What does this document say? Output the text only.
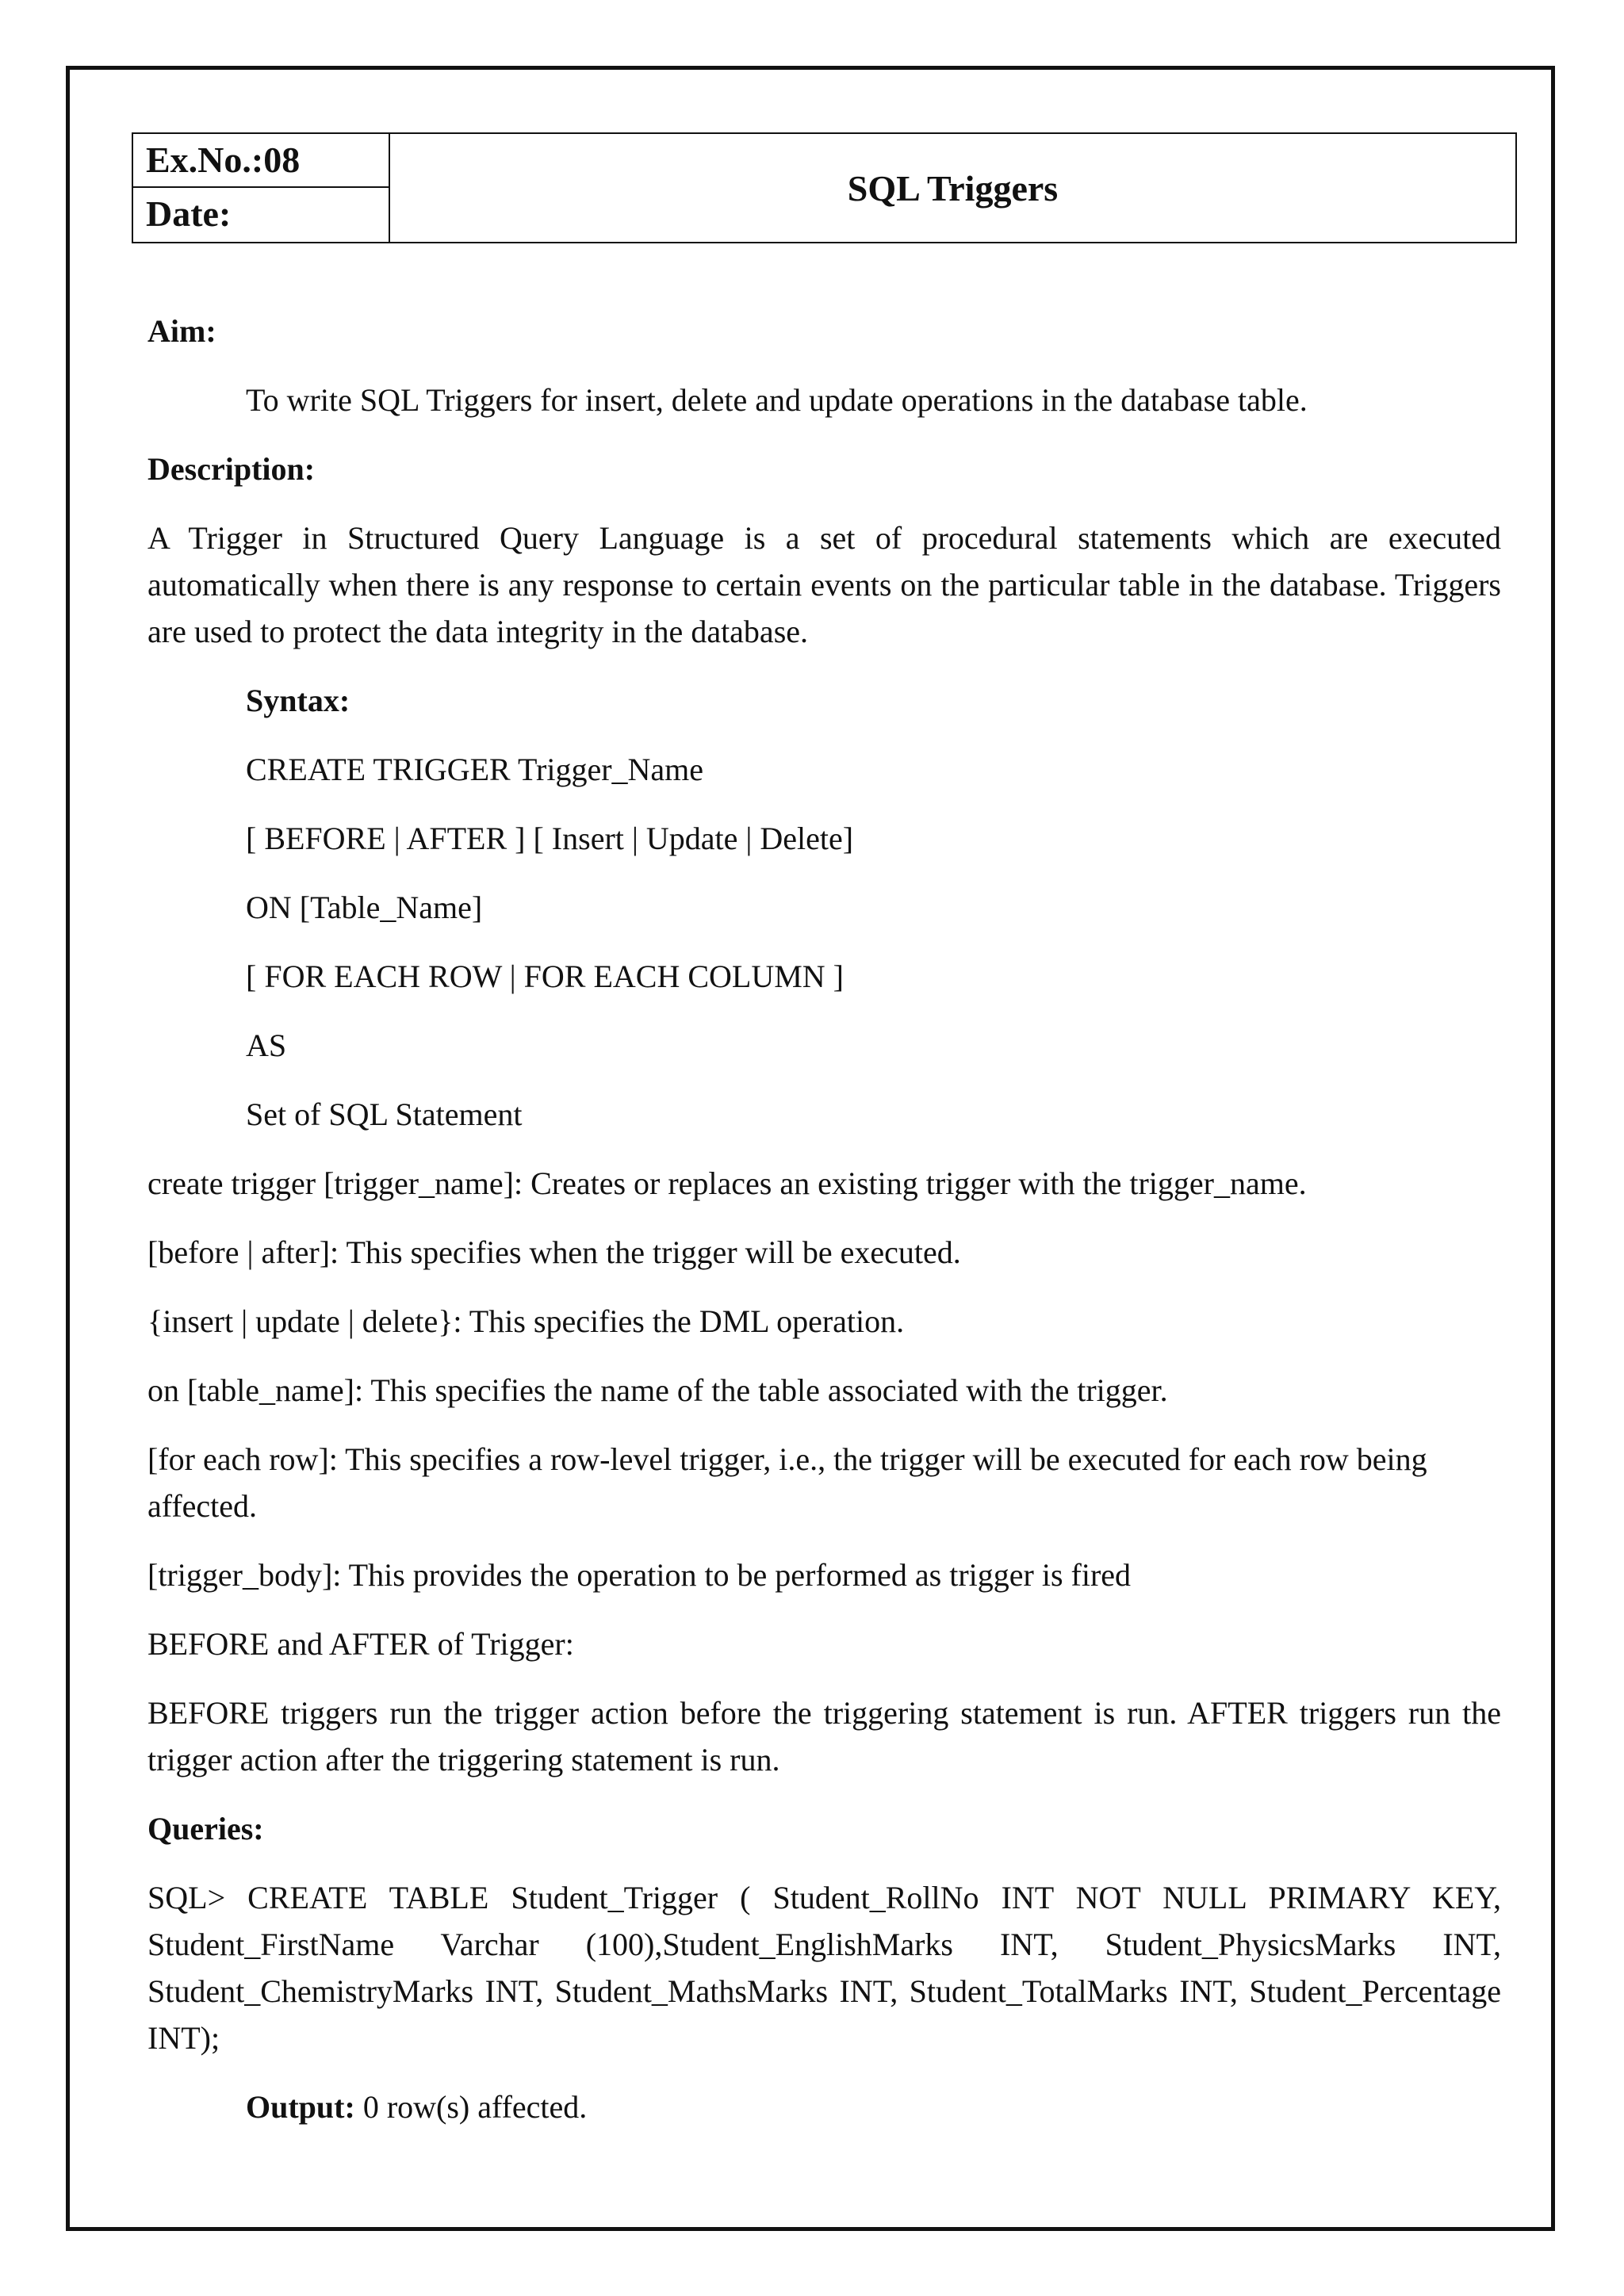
Ex.No.:08
Date:
SQL Triggers

Aim:

To write SQL Triggers for insert, delete and update operations in the database table.

Description:

A Trigger in Structured Query Language is a set of procedural statements which are executed automatically when there is any response to certain events on the particular table in the database. Triggers are used to protect the data integrity in the database.

Syntax:

CREATE TRIGGER Trigger_Name

[ BEFORE | AFTER ] [ Insert | Update | Delete]

ON [Table_Name]

[ FOR EACH ROW | FOR EACH COLUMN ]

AS

Set of SQL Statement

create trigger [trigger_name]: Creates or replaces an existing trigger with the trigger_name.

[before | after]: This specifies when the trigger will be executed.

{insert | update | delete}: This specifies the DML operation.

on [table_name]: This specifies the name of the table associated with the trigger.

[for each row]: This specifies a row-level trigger, i.e., the trigger will be executed for each row being affected.

[trigger_body]: This provides the operation to be performed as trigger is fired

BEFORE and AFTER of Trigger:

BEFORE triggers run the trigger action before the triggering statement is run. AFTER triggers run the trigger action after the triggering statement is run.

Queries:

SQL> CREATE TABLE Student_Trigger ( Student_RollNo INT NOT NULL PRIMARY KEY, Student_FirstName Varchar (100),Student_EnglishMarks INT, Student_PhysicsMarks INT, Student_ChemistryMarks INT, Student_MathsMarks INT, Student_TotalMarks INT, Student_Percentage INT);

Output: 0 row(s) affected.
